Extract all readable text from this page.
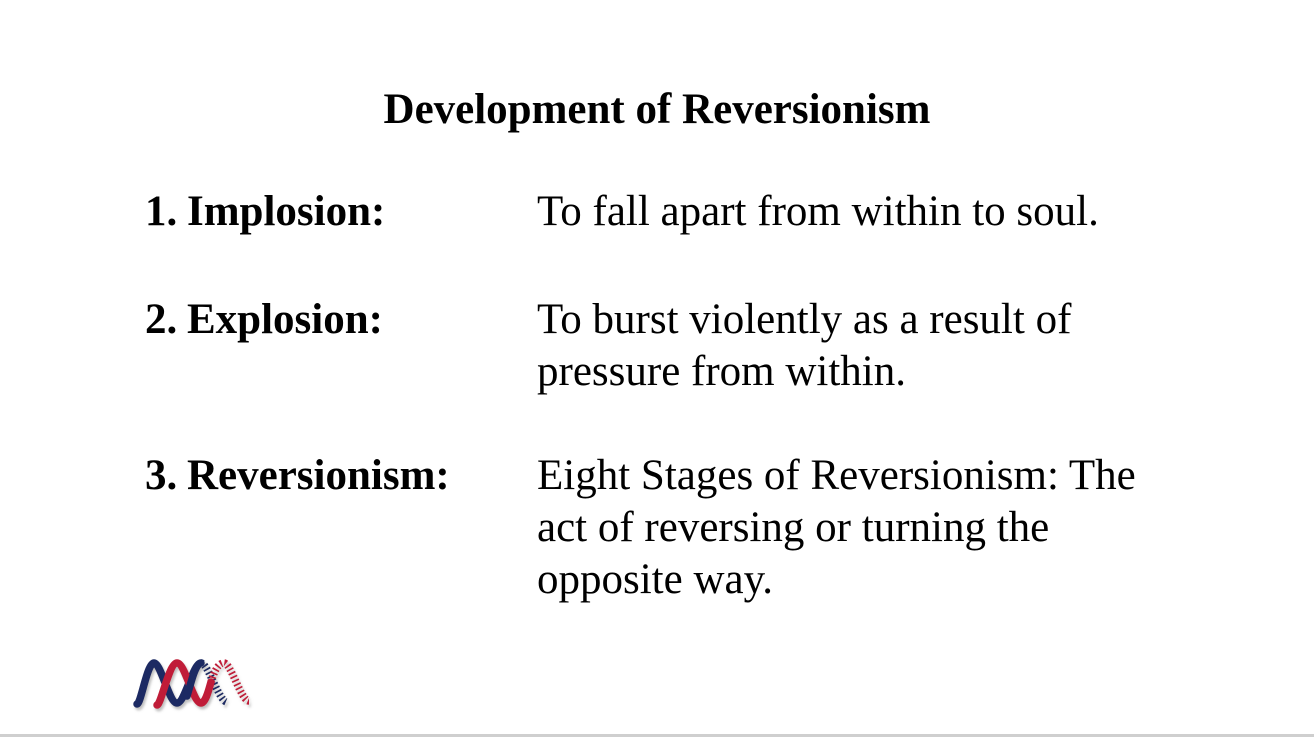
Development of Reversionism
1. Implosion:	To fall apart from within to soul.
2. Explosion:	To burst violently as a result of
pressure from within.
3. Reversionism: Eight Stages of Reversionism: The
act of reversing or turning the
opposite way.
